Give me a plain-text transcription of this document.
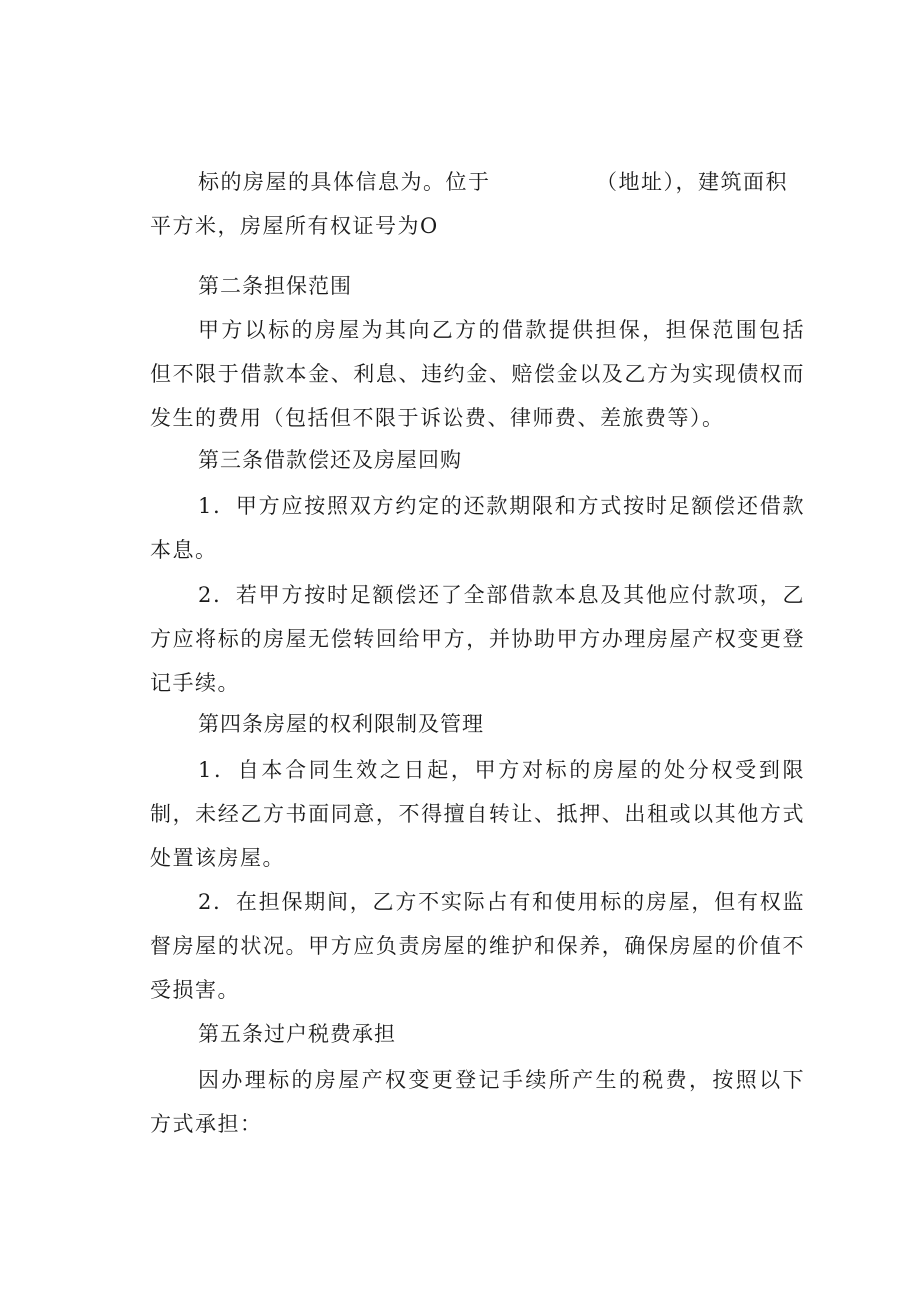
标的房屋的具体信息为。位于	（地址），建筑面积
平方米，房屋所有权证号为O

第二条担保范围

甲方以标的房屋为其向乙方的借款提供担保，担保范围包括但不限于借款本金、利息、违约金、赔偿金以及乙方为实现债权而发生的费用（包括但不限于诉讼费、律师费、差旅费等）。

第三条借款偿还及房屋回购

1．甲方应按照双方约定的还款期限和方式按时足额偿还借款本息。

2．若甲方按时足额偿还了全部借款本息及其他应付款项，乙方应将标的房屋无偿转回给甲方，并协助甲方办理房屋产权变更登记手续。

第四条房屋的权利限制及管理

1．自本合同生效之日起，甲方对标的房屋的处分权受到限制，未经乙方书面同意，不得擅自转让、抵押、出租或以其他方式处置该房屋。

2．在担保期间，乙方不实际占有和使用标的房屋，但有权监督房屋的状况。甲方应负责房屋的维护和保养，确保房屋的价值不受损害。

第五条过户税费承担

因办理标的房屋产权变更登记手续所产生的税费，按照以下方式承担：
